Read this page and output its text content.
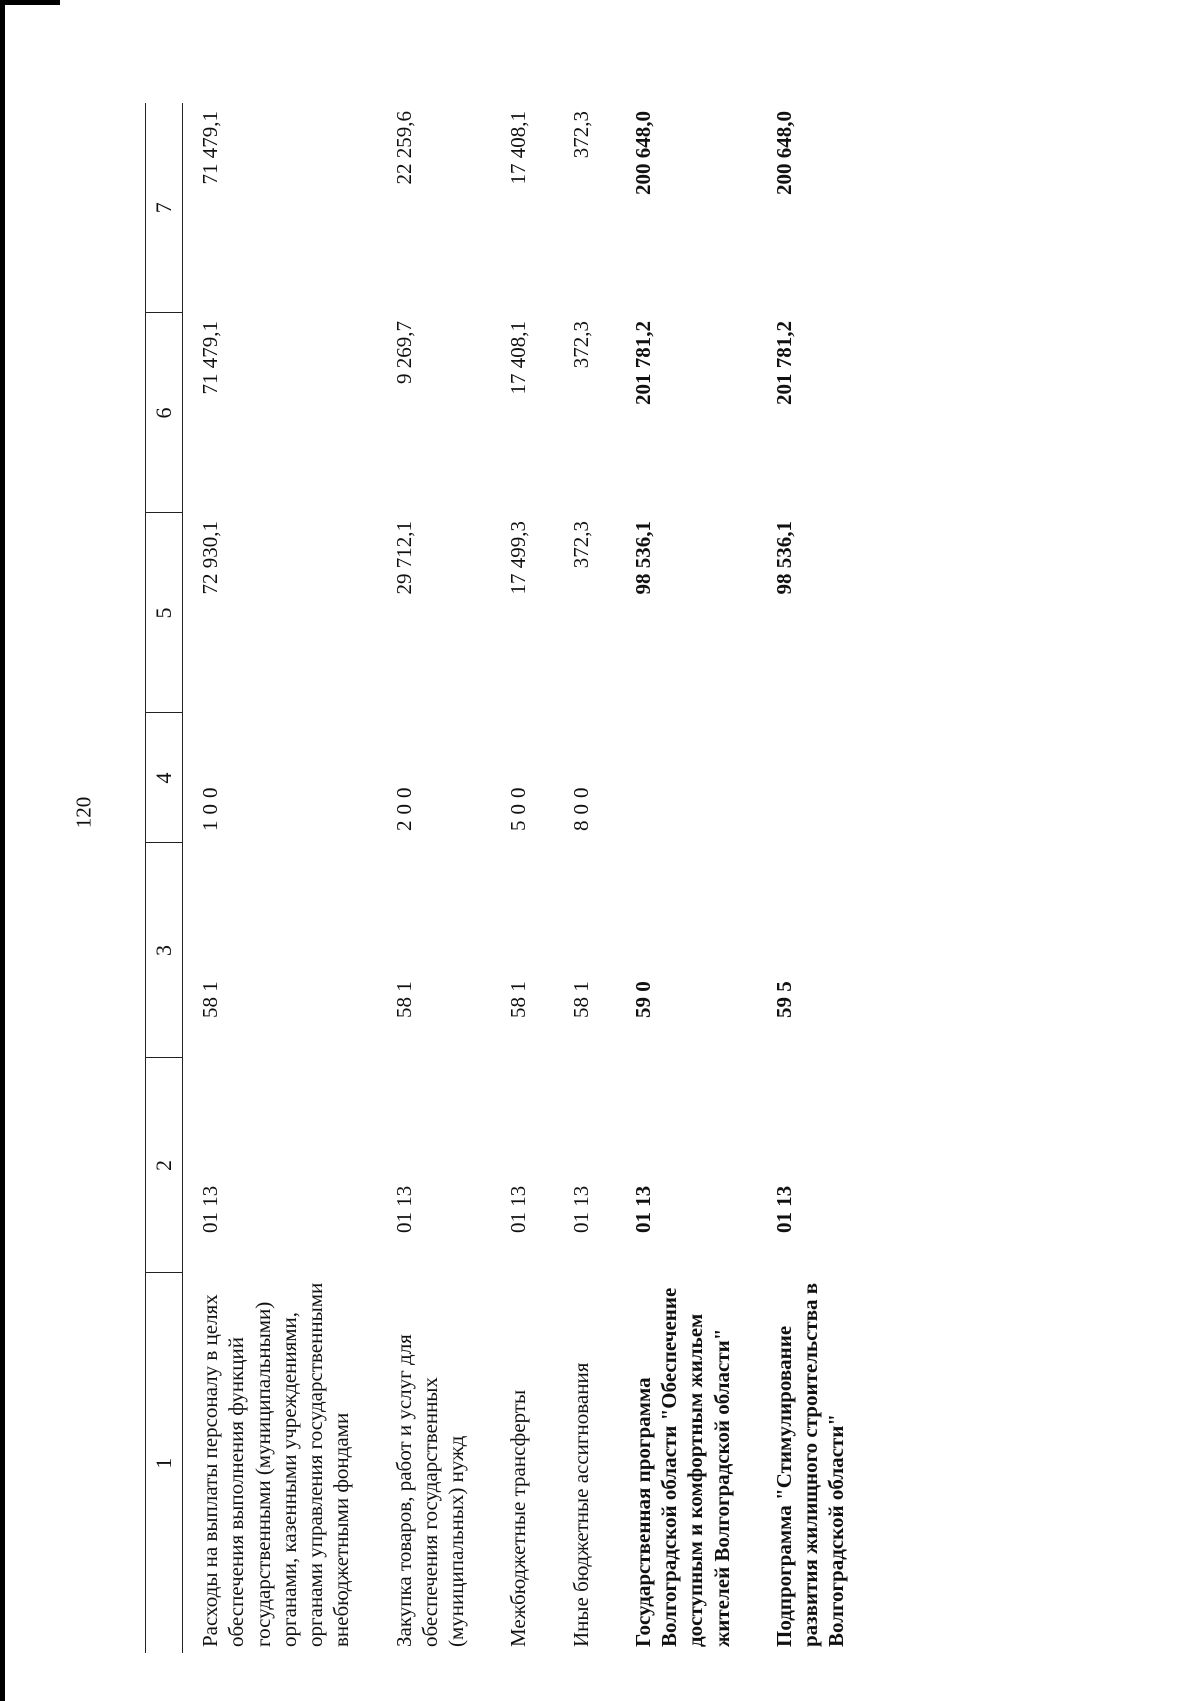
120
1	2	3	4	5	6	7
Расходы на выплаты персоналу в целях обеспечения выполнения функций государственными (муниципальными) органами, казенными учреждениями, органами управления государственными внебюджетными фондами	01 13	58 1	100	72 930,1	71 479,1	71 479,1
Закупка товаров, работ и услуг для обеспечения государственных (муниципальных) нужд	01 13	58 1	200	29 712,1	9 269,7	22 259,6
Межбюджетные трансферты	01 13	58 1	500	17 499,3	17 408,1	17 408,1
Иные бюджетные ассигнования	01 13	58 1	800	372,3	372,3	372,3
Государственная программа Волгоградской области "Обеспечение доступным и комфортным жильем жителей Волгоградской области"	01 13	59 0		98 536,1	201 781,2	200 648,0
Подпрограмма "Стимулирование развития жилищного строительства в Волгоградской области"	01 13	59 5		98 536,1	201 781,2	200 648,0
